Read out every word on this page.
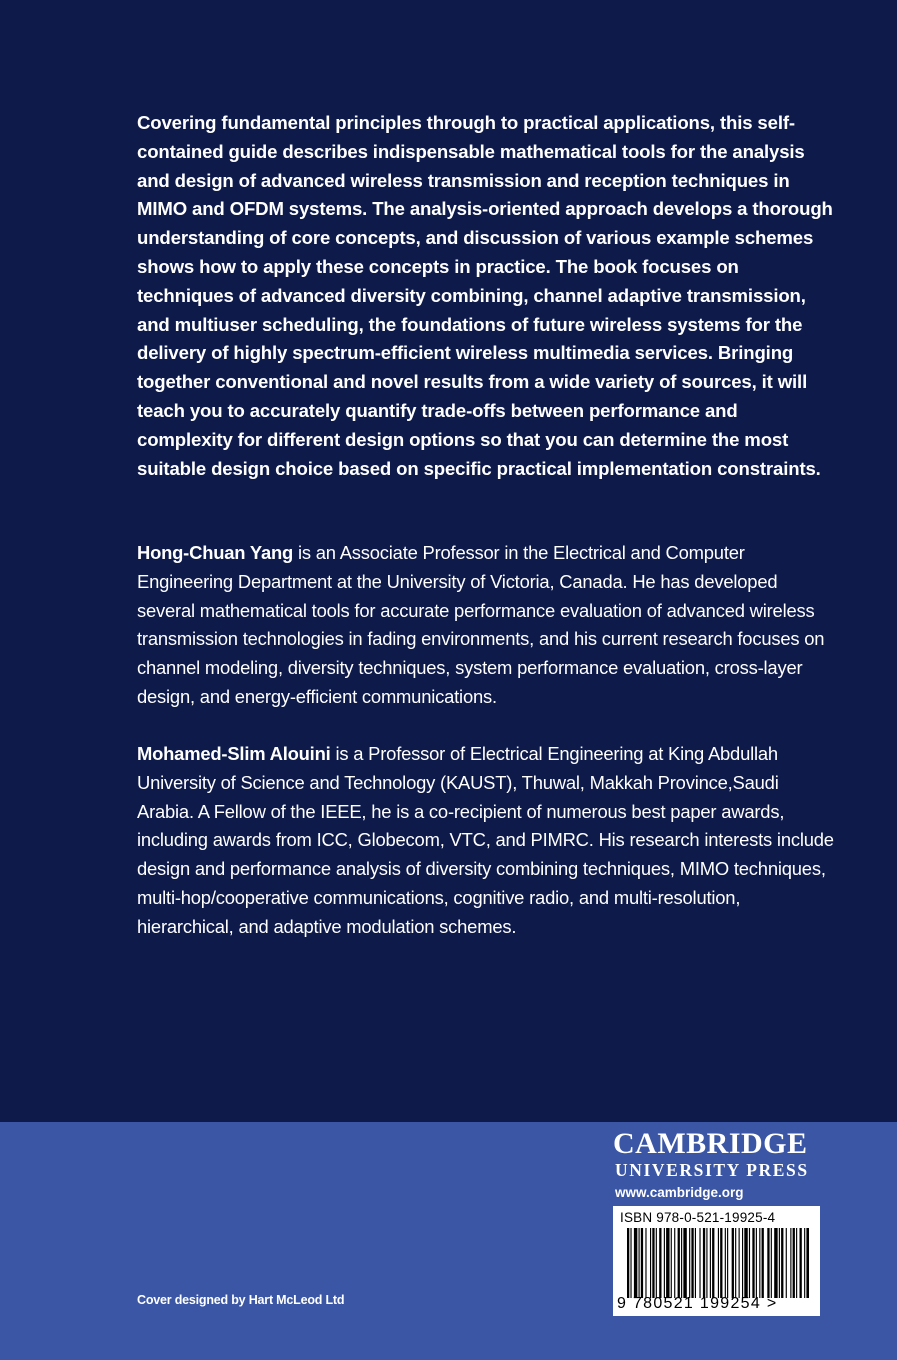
Covering fundamental principles through to practical applications, this self-contained guide describes indispensable mathematical tools for the analysis and design of advanced wireless transmission and reception techniques in MIMO and OFDM systems. The analysis-oriented approach develops a thorough understanding of core concepts, and discussion of various example schemes shows how to apply these concepts in practice. The book focuses on techniques of advanced diversity combining, channel adaptive transmission, and multiuser scheduling, the foundations of future wireless systems for the delivery of highly spectrum-efficient wireless multimedia services. Bringing together conventional and novel results from a wide variety of sources, it will teach you to accurately quantify trade-offs between performance and complexity for different design options so that you can determine the most suitable design choice based on specific practical implementation constraints.
Hong-Chuan Yang is an Associate Professor in the Electrical and Computer Engineering Department at the University of Victoria, Canada. He has developed several mathematical tools for accurate performance evaluation of advanced wireless transmission technologies in fading environments, and his current research focuses on channel modeling, diversity techniques, system performance evaluation, cross-layer design, and energy-efficient communications.
Mohamed-Slim Alouini is a Professor of Electrical Engineering at King Abdullah University of Science and Technology (KAUST), Thuwal, Makkah Province,Saudi Arabia. A Fellow of the IEEE, he is a co-recipient of numerous best paper awards, including awards from ICC, Globecom, VTC, and PIMRC. His research interests include design and performance analysis of diversity combining techniques, MIMO techniques, multi-hop/cooperative communications, cognitive radio, and multi-resolution, hierarchical, and adaptive modulation schemes.
Cover designed by Hart McLeod Ltd
CAMBRIDGE
UNIVERSITY PRESS
www.cambridge.org
ISBN 978-0-521-19925-4
9 780521 199254 >
